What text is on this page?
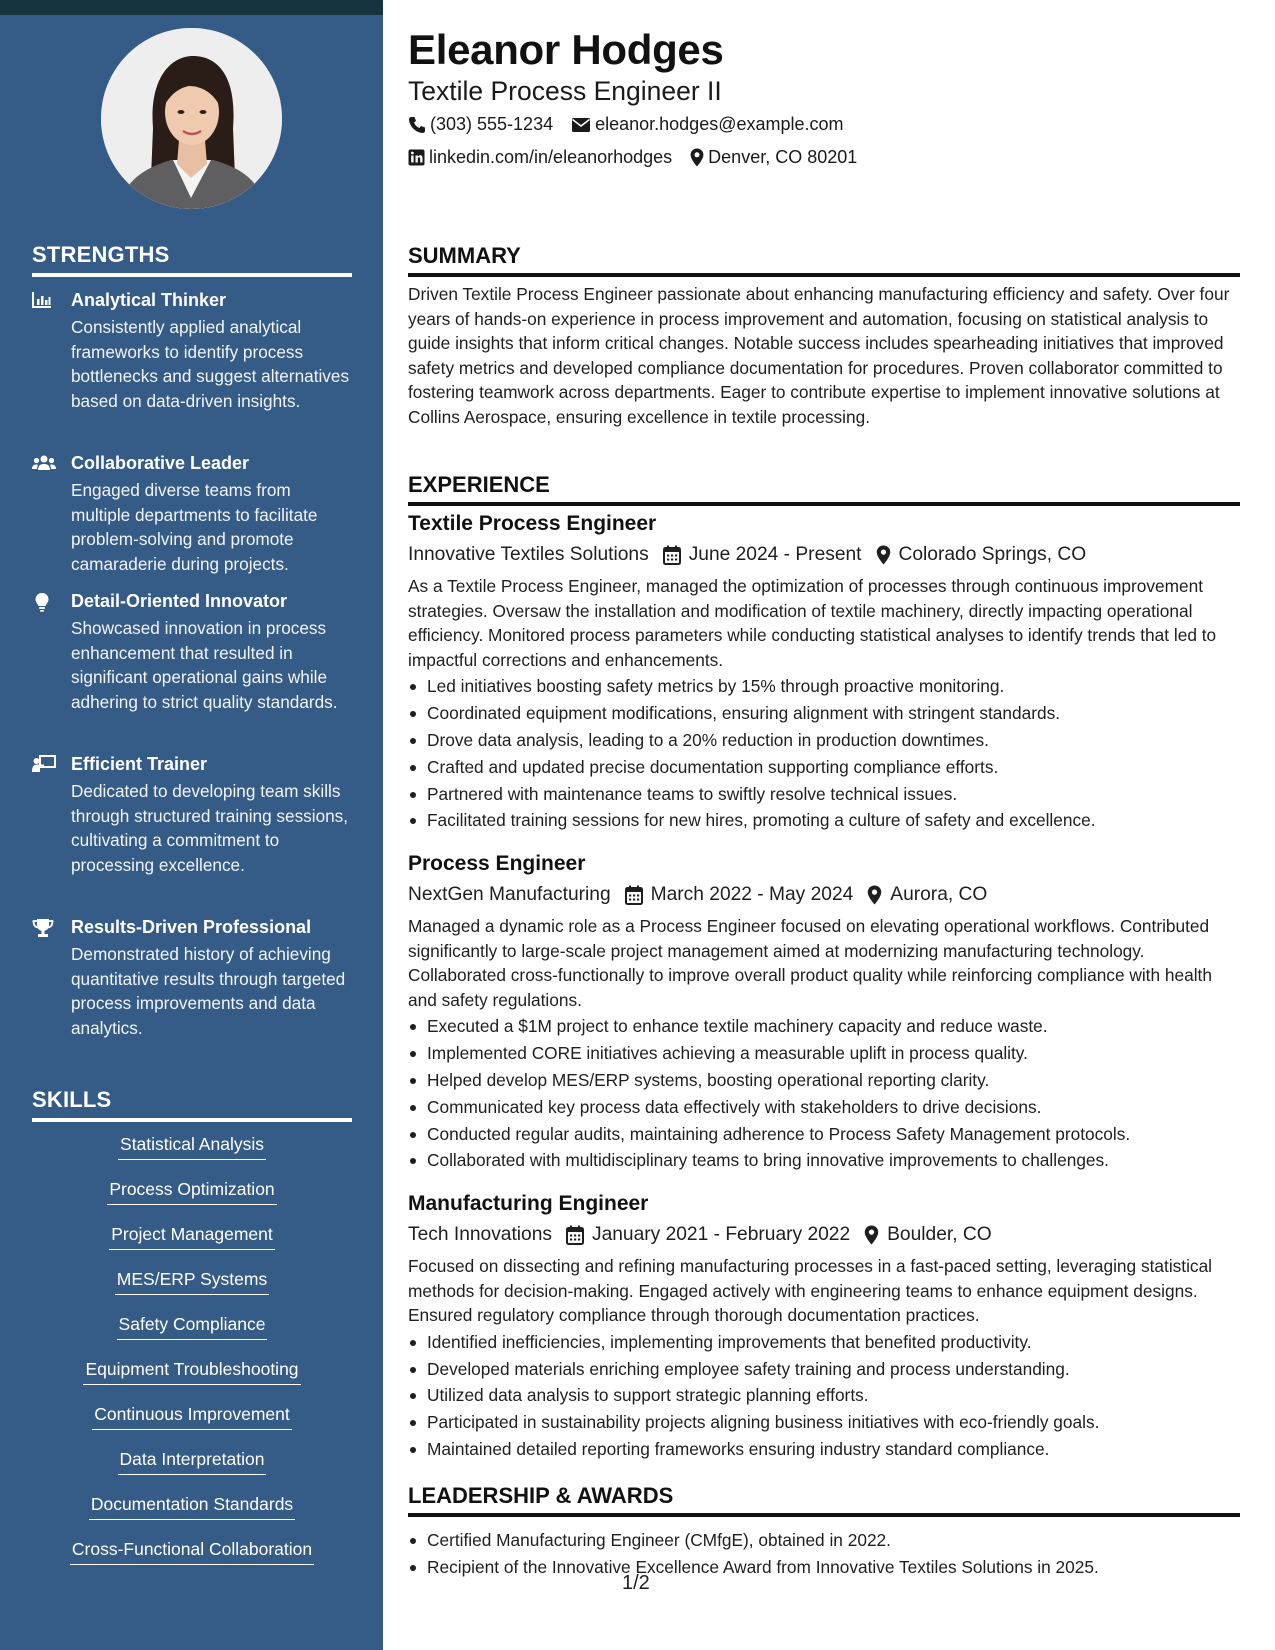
STRENGTHS
Analytical Thinker
Consistently applied analytical frameworks to identify process bottlenecks and suggest alternatives based on data-driven insights.
Collaborative Leader
Engaged diverse teams from multiple departments to facilitate problem-solving and promote camaraderie during projects.
Detail-Oriented Innovator
Showcased innovation in process enhancement that resulted in significant operational gains while adhering to strict quality standards.
Efficient Trainer
Dedicated to developing team skills through structured training sessions, cultivating a commitment to processing excellence.
Results-Driven Professional
Demonstrated history of achieving quantitative results through targeted process improvements and data analytics.
SKILLS
Statistical Analysis
Process Optimization
Project Management
MES/ERP Systems
Safety Compliance
Equipment Troubleshooting
Continuous Improvement
Data Interpretation
Documentation Standards
Cross-Functional Collaboration
Eleanor Hodges
Textile Process Engineer II
(303) 555-1234 eleanor.hodges@example.com
linkedin.com/in/eleanorhodges Denver, CO 80201
SUMMARY

Driven Textile Process Engineer passionate about enhancing manufacturing efficiency and safety. Over four years of hands-on experience in process improvement and automation, focusing on statistical analysis to guide insights that inform critical changes. Notable success includes spearheading initiatives that improved safety metrics and developed compliance documentation for procedures. Proven collaborator committed to fostering teamwork across departments. Eager to contribute expertise to implement innovative solutions at Collins Aerospace, ensuring excellence in textile processing.

EXPERIENCE
Textile Process Engineer
Innovative Textiles Solutions June 2024 - Present Colorado Springs, CO

As a Textile Process Engineer, managed the optimization of processes through continuous improvement strategies. Oversaw the installation and modification of textile machinery, directly impacting operational efficiency. Monitored process parameters while conducting statistical analyses to identify trends that led to impactful corrections and enhancements.

Led initiatives boosting safety metrics by 15% through proactive monitoring.
Coordinated equipment modifications, ensuring alignment with stringent standards.
Drove data analysis, leading to a 20% reduction in production downtimes.
Crafted and updated precise documentation supporting compliance efforts.
Partnered with maintenance teams to swiftly resolve technical issues.
Facilitated training sessions for new hires, promoting a culture of safety and excellence.
Process Engineer
NextGen Manufacturing March 2022 - May 2024 Aurora, CO

Managed a dynamic role as a Process Engineer focused on elevating operational workflows. Contributed significantly to large-scale project management aimed at modernizing manufacturing technology. Collaborated cross-functionally to improve overall product quality while reinforcing compliance with health and safety regulations.

Executed a $1M project to enhance textile machinery capacity and reduce waste.
Implemented CORE initiatives achieving a measurable uplift in process quality.
Helped develop MES/ERP systems, boosting operational reporting clarity.
Communicated key process data effectively with stakeholders to drive decisions.
Conducted regular audits, maintaining adherence to Process Safety Management protocols.
Collaborated with multidisciplinary teams to bring innovative improvements to challenges.
Manufacturing Engineer
Tech Innovations January 2021 - February 2022 Boulder, CO

Focused on dissecting and refining manufacturing processes in a fast-paced setting, leveraging statistical methods for decision-making. Engaged actively with engineering teams to enhance equipment designs. Ensured regulatory compliance through thorough documentation practices.

Identified inefficiencies, implementing improvements that benefited productivity.
Developed materials enriching employee safety training and process understanding.
Utilized data analysis to support strategic planning efforts.
Participated in sustainability projects aligning business initiatives with eco-friendly goals.
Maintained detailed reporting frameworks ensuring industry standard compliance.
LEADERSHIP & AWARDS
Certified Manufacturing Engineer (CMfgE), obtained in 2022.
Recipient of the Innovative Excellence Award from Innovative Textiles Solutions in 2025.
1/2
